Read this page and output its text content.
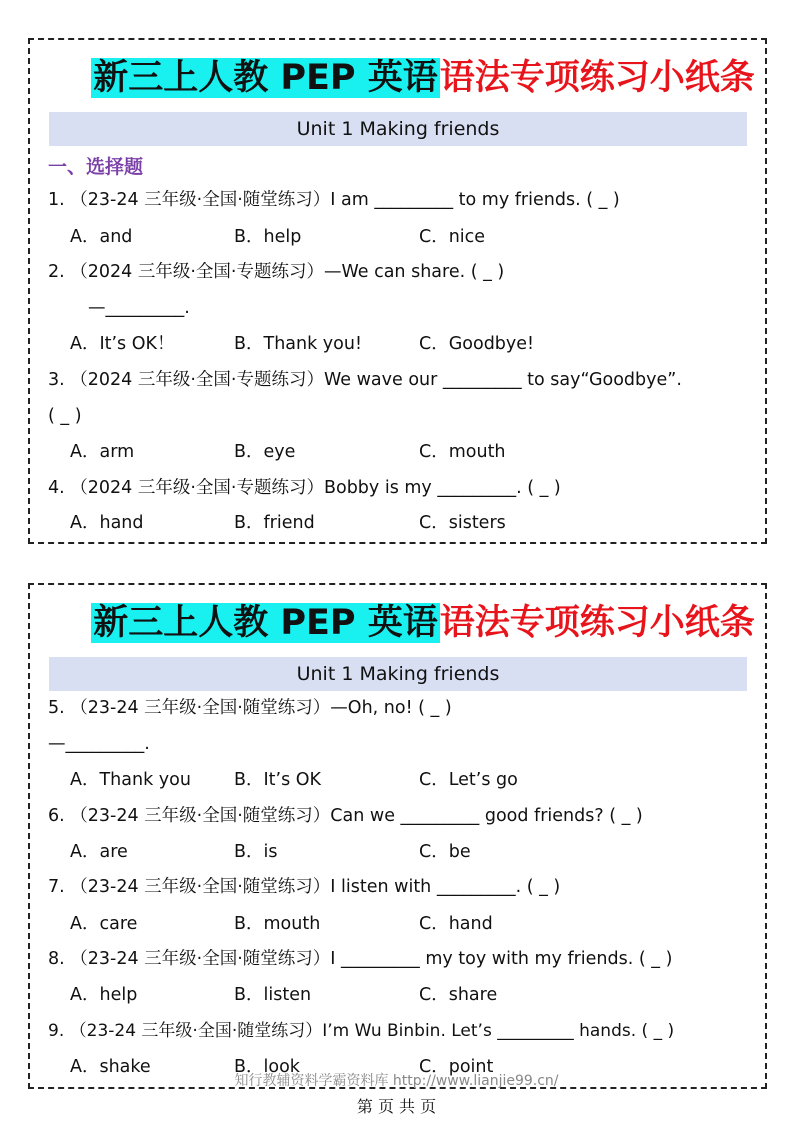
新三上人教 PEP 英语语法专项练习小纸条
Unit 1 Making friends
一、选择题
1. （23-24 三年级·全国·随堂练习）I am _________ to my friends. ( _ )
A．and	B．help	C．nice
2. （2024 三年级·全国·专题练习）—We can share. ( _ )
—_________.
A．It’s OK！	B．Thank you!	C．Goodbye!
3. （2024 三年级·全国·专题练习）We wave our _________ to say“Goodbye”.
( _ )
A．arm	B．eye	C．mouth
4. （2024 三年级·全国·专题练习）Bobby is my _________. ( _ )
A．hand	B．friend	C．sisters
新三上人教 PEP 英语语法专项练习小纸条
Unit 1 Making friends
5. （23-24 三年级·全国·随堂练习）—Oh, no! ( _ )
—_________.
A．Thank you B．It’s OK	C．Let’s go
6. （23-24 三年级·全国·随堂练习）Can we _________ good friends? ( _ )
A．are	B．is	C．be
7. （23-24 三年级·全国·随堂练习）I listen with _________. ( _ )
A．care	B．mouth	C．hand
8. （23-24 三年级·全国·随堂练习）I _________ my toy with my friends. ( _ )
A．help	B．listen	C．share
9. （23-24 三年级·全国·随堂练习）I’m Wu Binbin. Let’s _________ hands. ( _ )
A．shake	B．look	C．point
知行教辅资料学霸资料库 http://www.lianjie99.cn/
第 页 共 页
